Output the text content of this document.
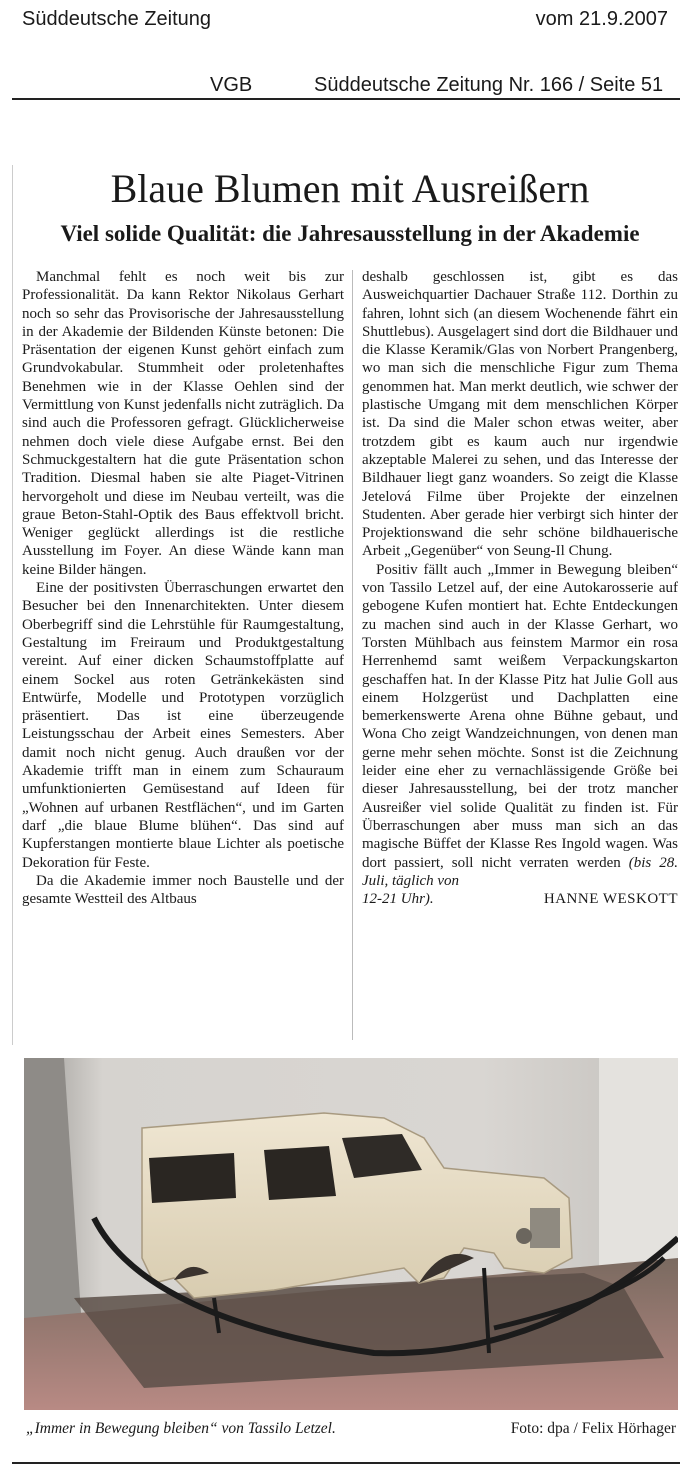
Süddeutsche Zeitung	vom 21.9.2007
VGB	Süddeutsche Zeitung Nr. 166 / Seite 51
Blaue Blumen mit Ausreißern
Viel solide Qualität: die Jahresausstellung in der Akademie

Manchmal fehlt es noch weit bis zur Professionalität. Da kann Rektor Nikolaus Gerhart noch so sehr das Provisorische der Jahresausstellung in der Akademie der Bildenden Künste betonen: Die Präsentation der eigenen Kunst gehört einfach zum Grundvokabular. Stummheit oder proletenhaftes Benehmen wie in der Klasse Oehlen sind der Vermittlung von Kunst jedenfalls nicht zuträglich. Da sind auch die Professoren gefragt. Glücklicherweise nehmen doch viele diese Aufgabe ernst. Bei den Schmuckgestaltern hat die gute Präsentation schon Tradition. Diesmal haben sie alte Piaget-Vitrinen hervorgeholt und diese im Neubau verteilt, was die graue Beton-Stahl-Optik des Baus effektvoll bricht. Weniger geglückt allerdings ist die restliche Ausstellung im Foyer. An diese Wände kann man keine Bilder hängen.

Eine der positivsten Überraschungen erwartet den Besucher bei den Innenarchitekten. Unter diesem Oberbegriff sind die Lehrstühle für Raumgestaltung, Gestaltung im Freiraum und Produktgestaltung vereint. Auf einer dicken Schaumstoffplatte auf einem Sockel aus roten Getränkekästen sind Entwürfe, Modelle und Prototypen vorzüglich präsentiert. Das ist eine überzeugende Leistungsschau der Arbeit eines Semesters. Aber damit noch nicht genug. Auch draußen vor der Akademie trifft man in einem zum Schauraum umfunktionierten Gemüsestand auf Ideen für „Wohnen auf urbanen Restflächen“, und im Garten darf „die blaue Blume blühen“. Das sind auf Kupferstangen montierte blaue Lichter als poetische Dekoration für Feste.

Da die Akademie immer noch Baustelle und der gesamte Westteil des Altbaus

deshalb geschlossen ist, gibt es das Ausweichquartier Dachauer Straße 112. Dorthin zu fahren, lohnt sich (an diesem Wochenende fährt ein Shuttlebus). Ausgelagert sind dort die Bildhauer und die Klasse Keramik/Glas von Norbert Prangenberg, wo man sich die menschliche Figur zum Thema genommen hat. Man merkt deutlich, wie schwer der plastische Umgang mit dem menschlichen Körper ist. Da sind die Maler schon etwas weiter, aber trotzdem gibt es kaum auch nur irgendwie akzeptable Malerei zu sehen, und das Interesse der Bildhauer liegt ganz woanders. So zeigt die Klasse Jetelová Filme über Projekte der einzelnen Studenten. Aber gerade hier verbirgt sich hinter der Projektionswand die sehr schöne bildhauerische Arbeit „Gegenüber“ von Seung-Il Chung.

Positiv fällt auch „Immer in Bewegung bleiben“ von Tassilo Letzel auf, der eine Autokarosserie auf gebogene Kufen montiert hat. Echte Entdeckungen zu machen sind auch in der Klasse Gerhart, wo Torsten Mühlbach aus feinstem Marmor ein rosa Herrenhemd samt weißem Verpackungskarton geschaffen hat. In der Klasse Pitz hat Julie Goll aus einem Holzgerüst und Dachplatten eine bemerkenswerte Arena ohne Bühne gebaut, und Wona Cho zeigt Wandzeichnungen, von denen man gerne mehr sehen möchte. Sonst ist die Zeichnung leider eine eher zu vernachlässigende Größe bei dieser Jahresausstellung, bei der trotz mancher Ausreißer viel solide Qualität zu finden ist. Für Überraschungen aber muss man sich an das magische Büffet der Klasse Res Ingold wagen. Was dort passiert, soll nicht verraten werden (bis 28. Juli, täglich von

12-21 Uhr).	HANNE WESKOTT
„Immer in Bewegung bleiben“ von Tassilo Letzel.	Foto: dpa / Felix Hörhager
